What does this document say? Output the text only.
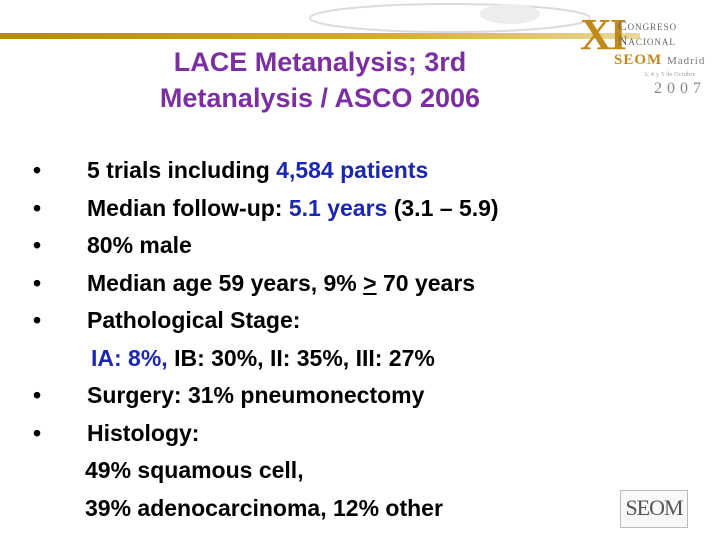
XI
Congreso
Nacional
SEOM Madrid
3, 4 y 5 de Octubre
2007
LACE Metanalysis; 3rd
Metanalysis / ASCO 2006
• 5 trials including 4,584 patients
• Median follow-up: 5.1 years (3.1 – 5.9)
• 80% male
• Median age 59 years, 9% ≥ 70 years
• Pathological Stage:
IA: 8%, IB: 30%, II: 35%, III: 27%
• Surgery: 31% pneumonectomy
• Histology:
49% squamous cell,
39% adenocarcinoma, 12% other	SEOM
